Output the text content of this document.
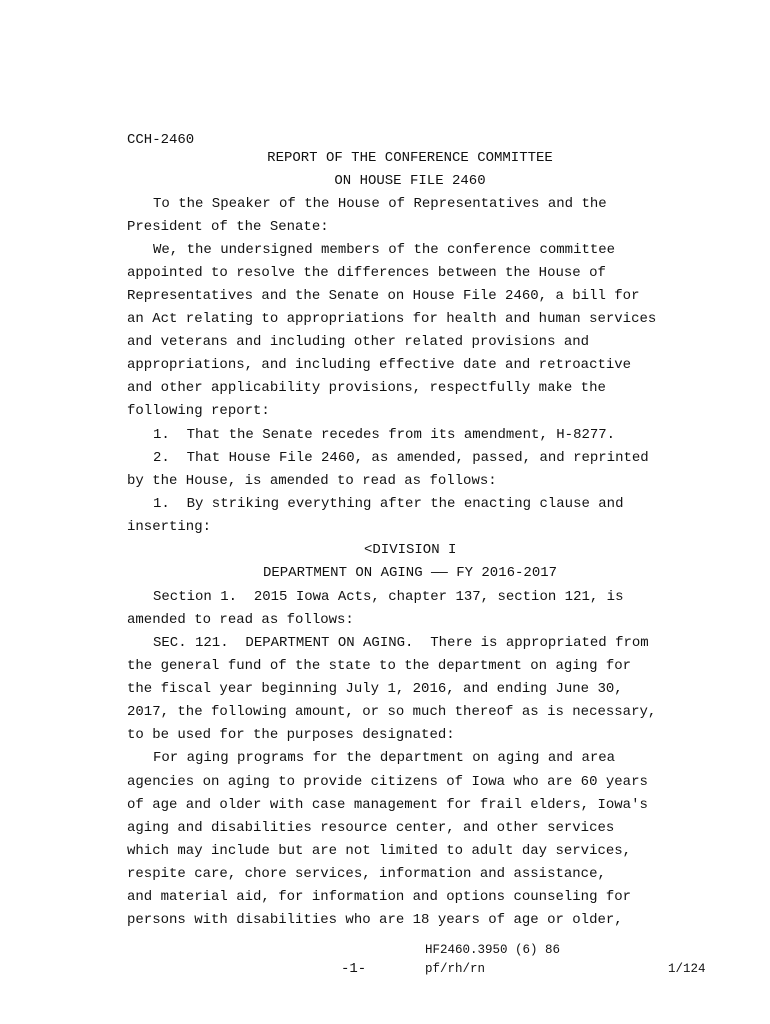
CCH-2460
REPORT OF THE CONFERENCE COMMITTEE
ON HOUSE FILE 2460
To the Speaker of the House of Representatives and the
President of the Senate:
We, the undersigned members of the conference committee
appointed to resolve the differences between the House of
Representatives and the Senate on House File 2460, a bill for
an Act relating to appropriations for health and human services
and veterans and including other related provisions and
appropriations, and including effective date and retroactive
and other applicability provisions, respectfully make the
following report:
1.  That the Senate recedes from its amendment, H-8277.
2.  That House File 2460, as amended, passed, and reprinted
by the House, is amended to read as follows:
1.  By striking everything after the enacting clause and
inserting:
<DIVISION I
DEPARTMENT ON AGING —— FY 2016-2017
Section 1.  2015 Iowa Acts, chapter 137, section 121, is
amended to read as follows:
SEC. 121.  DEPARTMENT ON AGING.  There is appropriated from
the general fund of the state to the department on aging for
the fiscal year beginning July 1, 2016, and ending June 30,
2017, the following amount, or so much thereof as is necessary,
to be used for the purposes designated:
For aging programs for the department on aging and area
agencies on aging to provide citizens of Iowa who are 60 years
of age and older with case management for frail elders, Iowa's
aging and disabilities resource center, and other services
which may include but are not limited to adult day services,
respite care, chore services, information and assistance,
and material aid, for information and options counseling for
persons with disabilities who are 18 years of age or older,
HF2460.3950 (6) 86
-1-	pf/rh/rn	1/124
